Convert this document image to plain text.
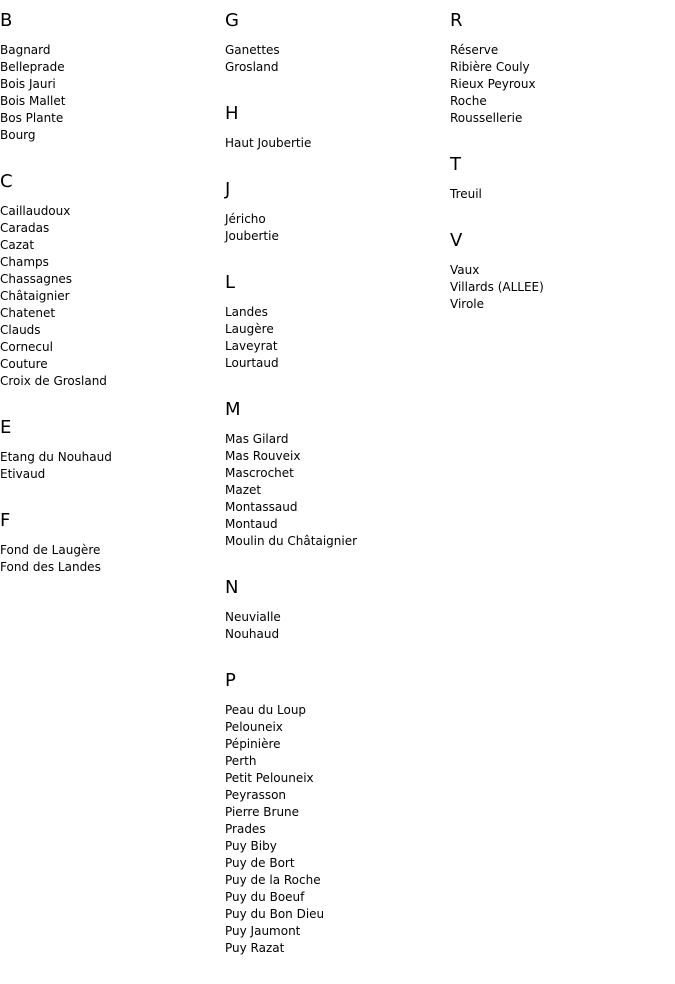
B
Bagnard
Belleprade
Bois Jauri
Bois Mallet
Bos Plante
Bourg
C
Caillaudoux
Caradas
Cazat
Champs
Chassagnes
Châtaignier
Chatenet
Clauds
Cornecul
Couture
Croix de Grosland
E
Etang du Nouhaud
Etivaud
F
Fond de Laugère
Fond des Landes
G
Ganettes
Grosland
H
Haut Joubertie
J
Jéricho
Joubertie
L
Landes
Laugère
Laveyrat
Lourtaud
M
Mas Gilard
Mas Rouveix
Mascrochet
Mazet
Montassaud
Montaud
Moulin du Châtaignier
N
Neuvialle
Nouhaud
P
Peau du Loup
Pelouneix
Pépinière
Perth
Petit Pelouneix
Peyrasson
Pierre Brune
Prades
Puy Biby
Puy de Bort
Puy de la Roche
Puy du Boeuf
Puy du Bon Dieu
Puy Jaumont
Puy Razat
R
Réserve
Ribière Couly
Rieux Peyroux
Roche
Roussellerie
T
Treuil
V
Vaux
Villards (ALLEE)
Virole
